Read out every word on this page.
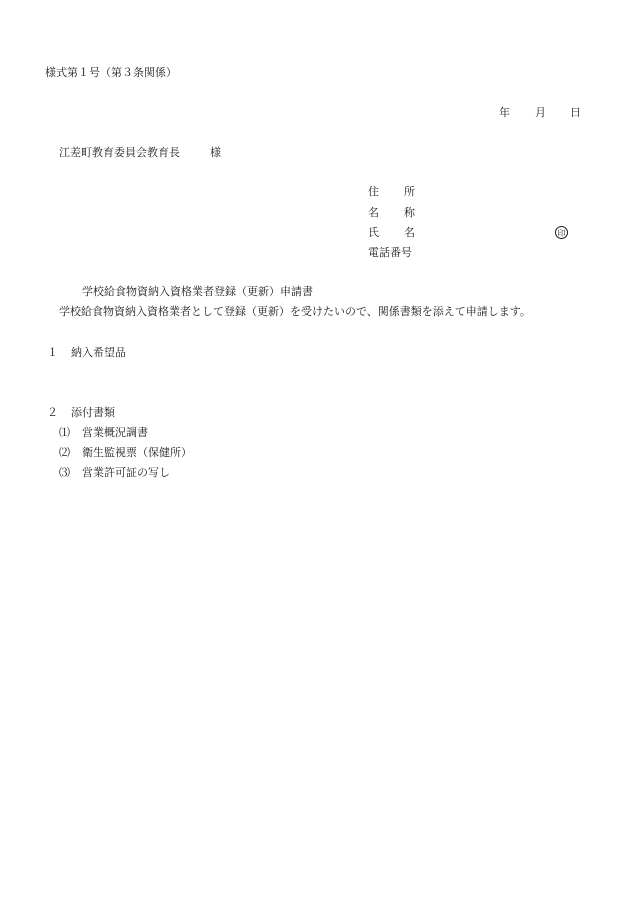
様式第１号（第３条関係）
年 月 日
江差町教育委員会教育長	様
住 所
名 称
氏 名	印
電話番号
学校給食物資納入資格業者登録（更新）申請書
学校給食物資納入資格業者として登録（更新）を受けたいので、関係書類を添えて申請します。
１ 納入希望品
２ 添付書類
⑴ 営業概況調書
⑵ 衛生監視票（保健所）
⑶ 営業許可証の写し
